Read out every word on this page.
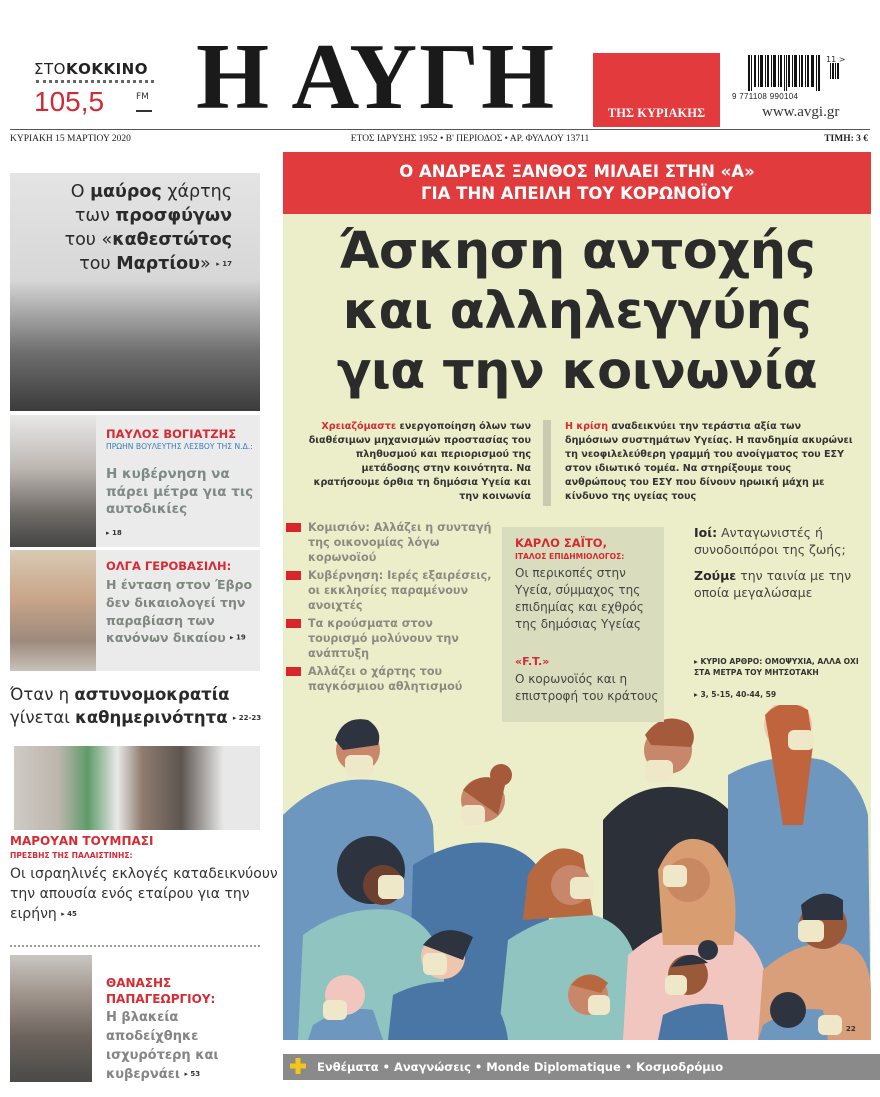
ΣΤΟΚΟΚΚΙΝΟ
105,5	FM Η ΑΥΓΗ	ΤΗΣ ΚΥΡΙΑΚΗΣ
9 771108 990104
11 >
www.avgi.gr
ΚΥΡΙΑΚΗ 15 ΜΑΡΤΙΟΥ 2020	ΕΤΟΣ ΙΔΡΥΣΗΣ 1952 • Β' ΠΕΡΙΟΔΟΣ • ΑΡ. ΦΥΛΛΟΥ 13711	ΤΙΜΗ: 3 €
Ο ΑΝΔΡΕΑΣ ΞΑΝΘΟΣ ΜΙΛΑΕΙ ΣΤΗΝ «Α»
ΓΙΑ ΤΗΝ ΑΠΕΙΛΗ ΤΟΥ ΚΟΡΩΝΟΪΟΥ
Άσκηση αντοχής
και αλληλεγγύης
για την κοινωνία
Χρειαζόμαστε ενεργοποίηση όλων των διαθέσιμων μηχανισμών προστασίας του πληθυσμού και περιορισμού της μετάδοσης στην κοινότητα. Να κρατήσουμε όρθια τη δημόσια Υγεία και την κοινωνία
Η κρίση αναδεικνύει την τεράστια αξία των δημόσιων συστημάτων Υγείας. Η πανδημία ακυρώνει τη νεοφιλελεύθερη γραμμή του ανοίγματος του ΕΣΥ στον ιδιωτικό τομέα. Να στηρίξουμε τους ανθρώπους του ΕΣΥ που δίνουν ηρωική μάχη με κίνδυνο της υγείας τους
Κομισιόν: Αλλάζει η συνταγή της οικονομίας λόγω κορωνοϊού
Κυβέρνηση: Ιερές εξαιρέσεις, οι εκκλησίες παραμένουν ανοιχτές
Τα κρούσματα στον τουρισμό μολύνουν την ανάπτυξη
Αλλάζει ο χάρτης του παγκόσμιου αθλητισμού
22
ΚΑΡΛΟ ΣΑΪΤΟ,
ΙΤΑΛΟΣ ΕΠΙΔΗΜΙΟΛΟΓΟΣ:
Οι περικοπές στην Υγεία, σύμμαχος της επιδημίας και εχθρός της δημόσιας Υγείας
«F.T.»
Ο κορωνοϊός και η επιστροφή του κράτους

Ιοί: Ανταγωνιστές ή συνοδοιπόροι της ζωής;

Ζούμε την ταινία με την οποία μεγαλώσαμε

▸ ΚΥΡΙΟ ΑΡΘΡΟ: ΟΜΟΨΥΧΙΑ, ΑΛΛΑ ΟΧΙ ΣΤΑ ΜΕΤΡΑ ΤΟΥ ΜΗΤΣΟΤΑΚΗ
▸ 3, 5-15, 40-44, 59
Ενθέματα • Αναγνώσεις • Monde Diplomatique • Κοσμοδρόμιο
Ο μαύρος χάρτης
των προσφύγων
του «καθεστώτος
του Μαρτίου» ▸ 17
ΠΑΥΛΟΣ ΒΟΓΙΑΤΖΗΣ
ΠΡΩΗΝ ΒΟΥΛΕΥΤΗΣ ΛΕΣΒΟΥ ΤΗΣ Ν.Δ.:
Η κυβέρνηση να πάρει μέτρα για τις αυτοδικίες
▸ 18
ΟΛΓΑ ΓΕΡΟΒΑΣΙΛΗ:
Η ένταση στον Έβρο δεν δικαιολογεί την παραβίαση των κανόνων δικαίου ▸ 19
Όταν η αστυνομοκρατία
γίνεται καθημερινότητα ▸ 22-23
ΜΑΡΟΥΑΝ ΤΟΥΜΠΑΣΙ
ΠΡΕΣΒΗΣ ΤΗΣ ΠΑΛΑΙΣΤΙΝΗΣ:
Οι ισραηλινές εκλογές καταδεικνύουν την απουσία ενός εταίρου για την ειρήνη ▸ 45
ΘΑΝΑΣΗΣ ΠΑΠΑΓΕΩΡΓΙΟΥ:
Η βλακεία αποδείχθηκε ισχυρότερη και κυβερνάει ▸ 53
